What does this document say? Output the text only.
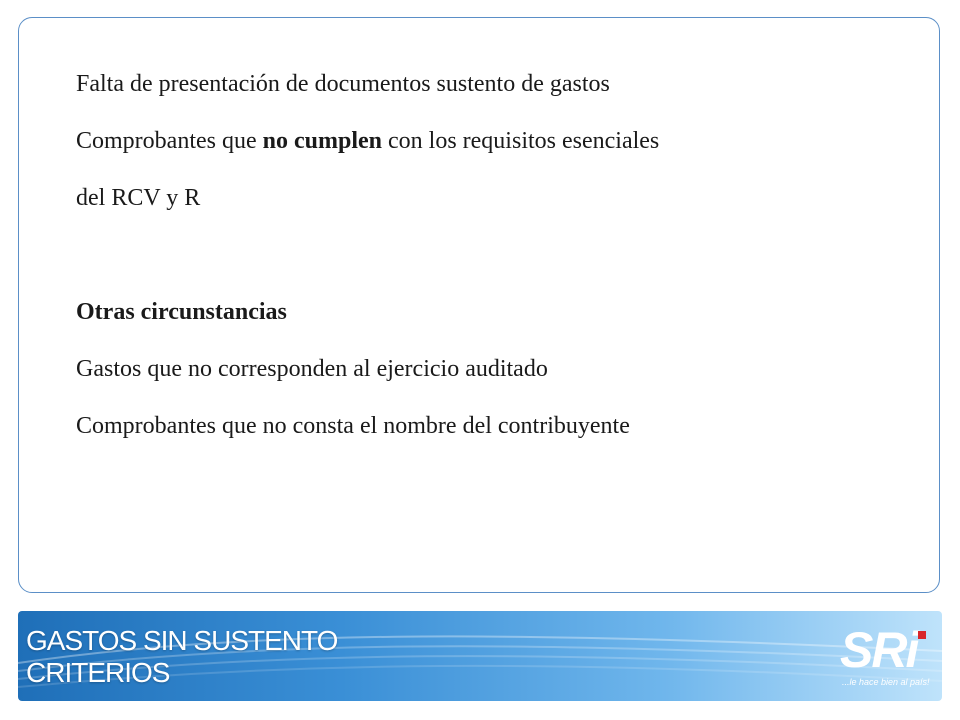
Falta de presentación de documentos sustento de gastos
Comprobantes que no cumplen con los requisitos esenciales
del RCV y R
Otras circunstancias
Gastos que no corresponden al ejercicio auditado
Comprobantes que no consta el nombre del contribuyente
GASTOS SIN SUSTENTO
CRITERIOS	SRi
...le hace bien al país!
